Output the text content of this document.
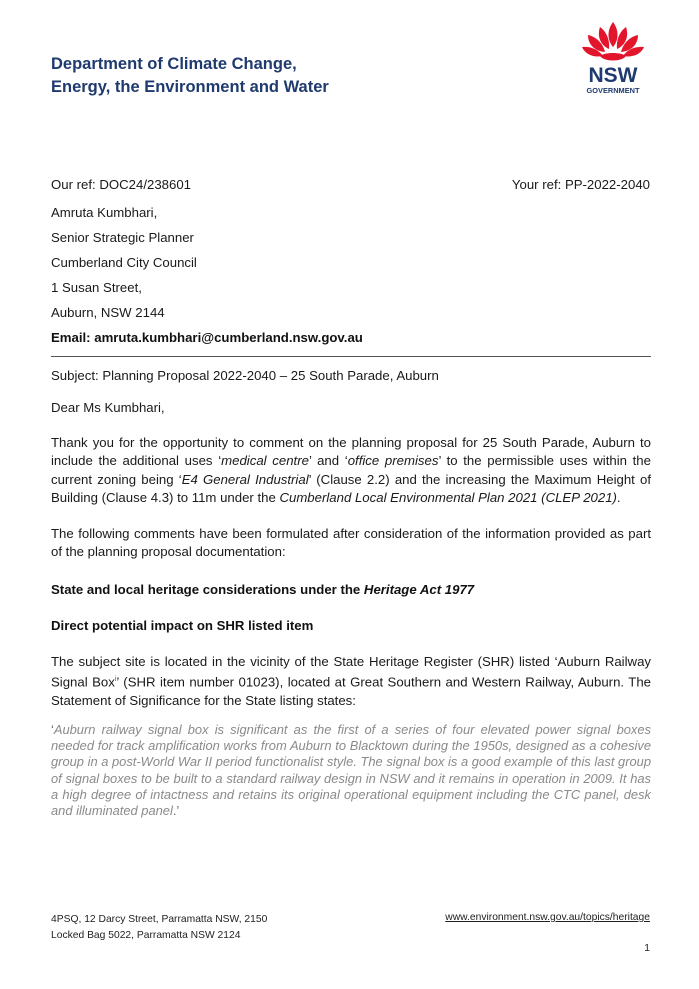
Department of Climate Change,
Energy, the Environment and Water	NSW
GOVERNMENT
Our ref: DOC24/238601	Your ref: PP-2022-2040
Amruta Kumbhari,
Senior Strategic Planner
Cumberland City Council
1 Susan Street,
Auburn, NSW 2144
Email: amruta.kumbhari@cumberland.nsw.gov.au
Subject: Planning Proposal 2022-2040 – 25 South Parade, Auburn
Dear Ms Kumbhari,

Thank you for the opportunity to comment on the planning proposal for 25 South Parade, Auburn to include the additional uses ‘medical centre’ and ‘office premises’ to the permissible uses within the current zoning being ‘E4 General Industrial’ (Clause 2.2) and the increasing the Maximum Height of Building (Clause 4.3) to 11m under the Cumberland Local Environmental Plan 2021 (CLEP 2021).

The following comments have been formulated after consideration of the information provided as part of the planning proposal documentation:

State and local heritage considerations under the Heritage Act 1977
Direct potential impact on SHR listed item

The subject site is located in the vicinity of the State Heritage Register (SHR) listed ‘Auburn Railway Signal Box$^i$’ (SHR item number 01023), located at Great Southern and Western Railway, Auburn. The Statement of Significance for the State listing states:

‘Auburn railway signal box is significant as the first of a series of four elevated power signal boxes needed for track amplification works from Auburn to Blacktown during the 1950s, designed as a cohesive group in a post-World War II period functionalist style. The signal box is a good example of this last group of signal boxes to be built to a standard railway design in NSW and it remains in operation in 2009. It has a high degree of intactness and retains its original operational equipment including the CTC panel, desk and illuminated panel.’
4PSQ, 12 Darcy Street, Parramatta NSW, 2150
Locked Bag 5022, Parramatta NSW 2124
www.environment.nsw.gov.au/topics/heritage
1
